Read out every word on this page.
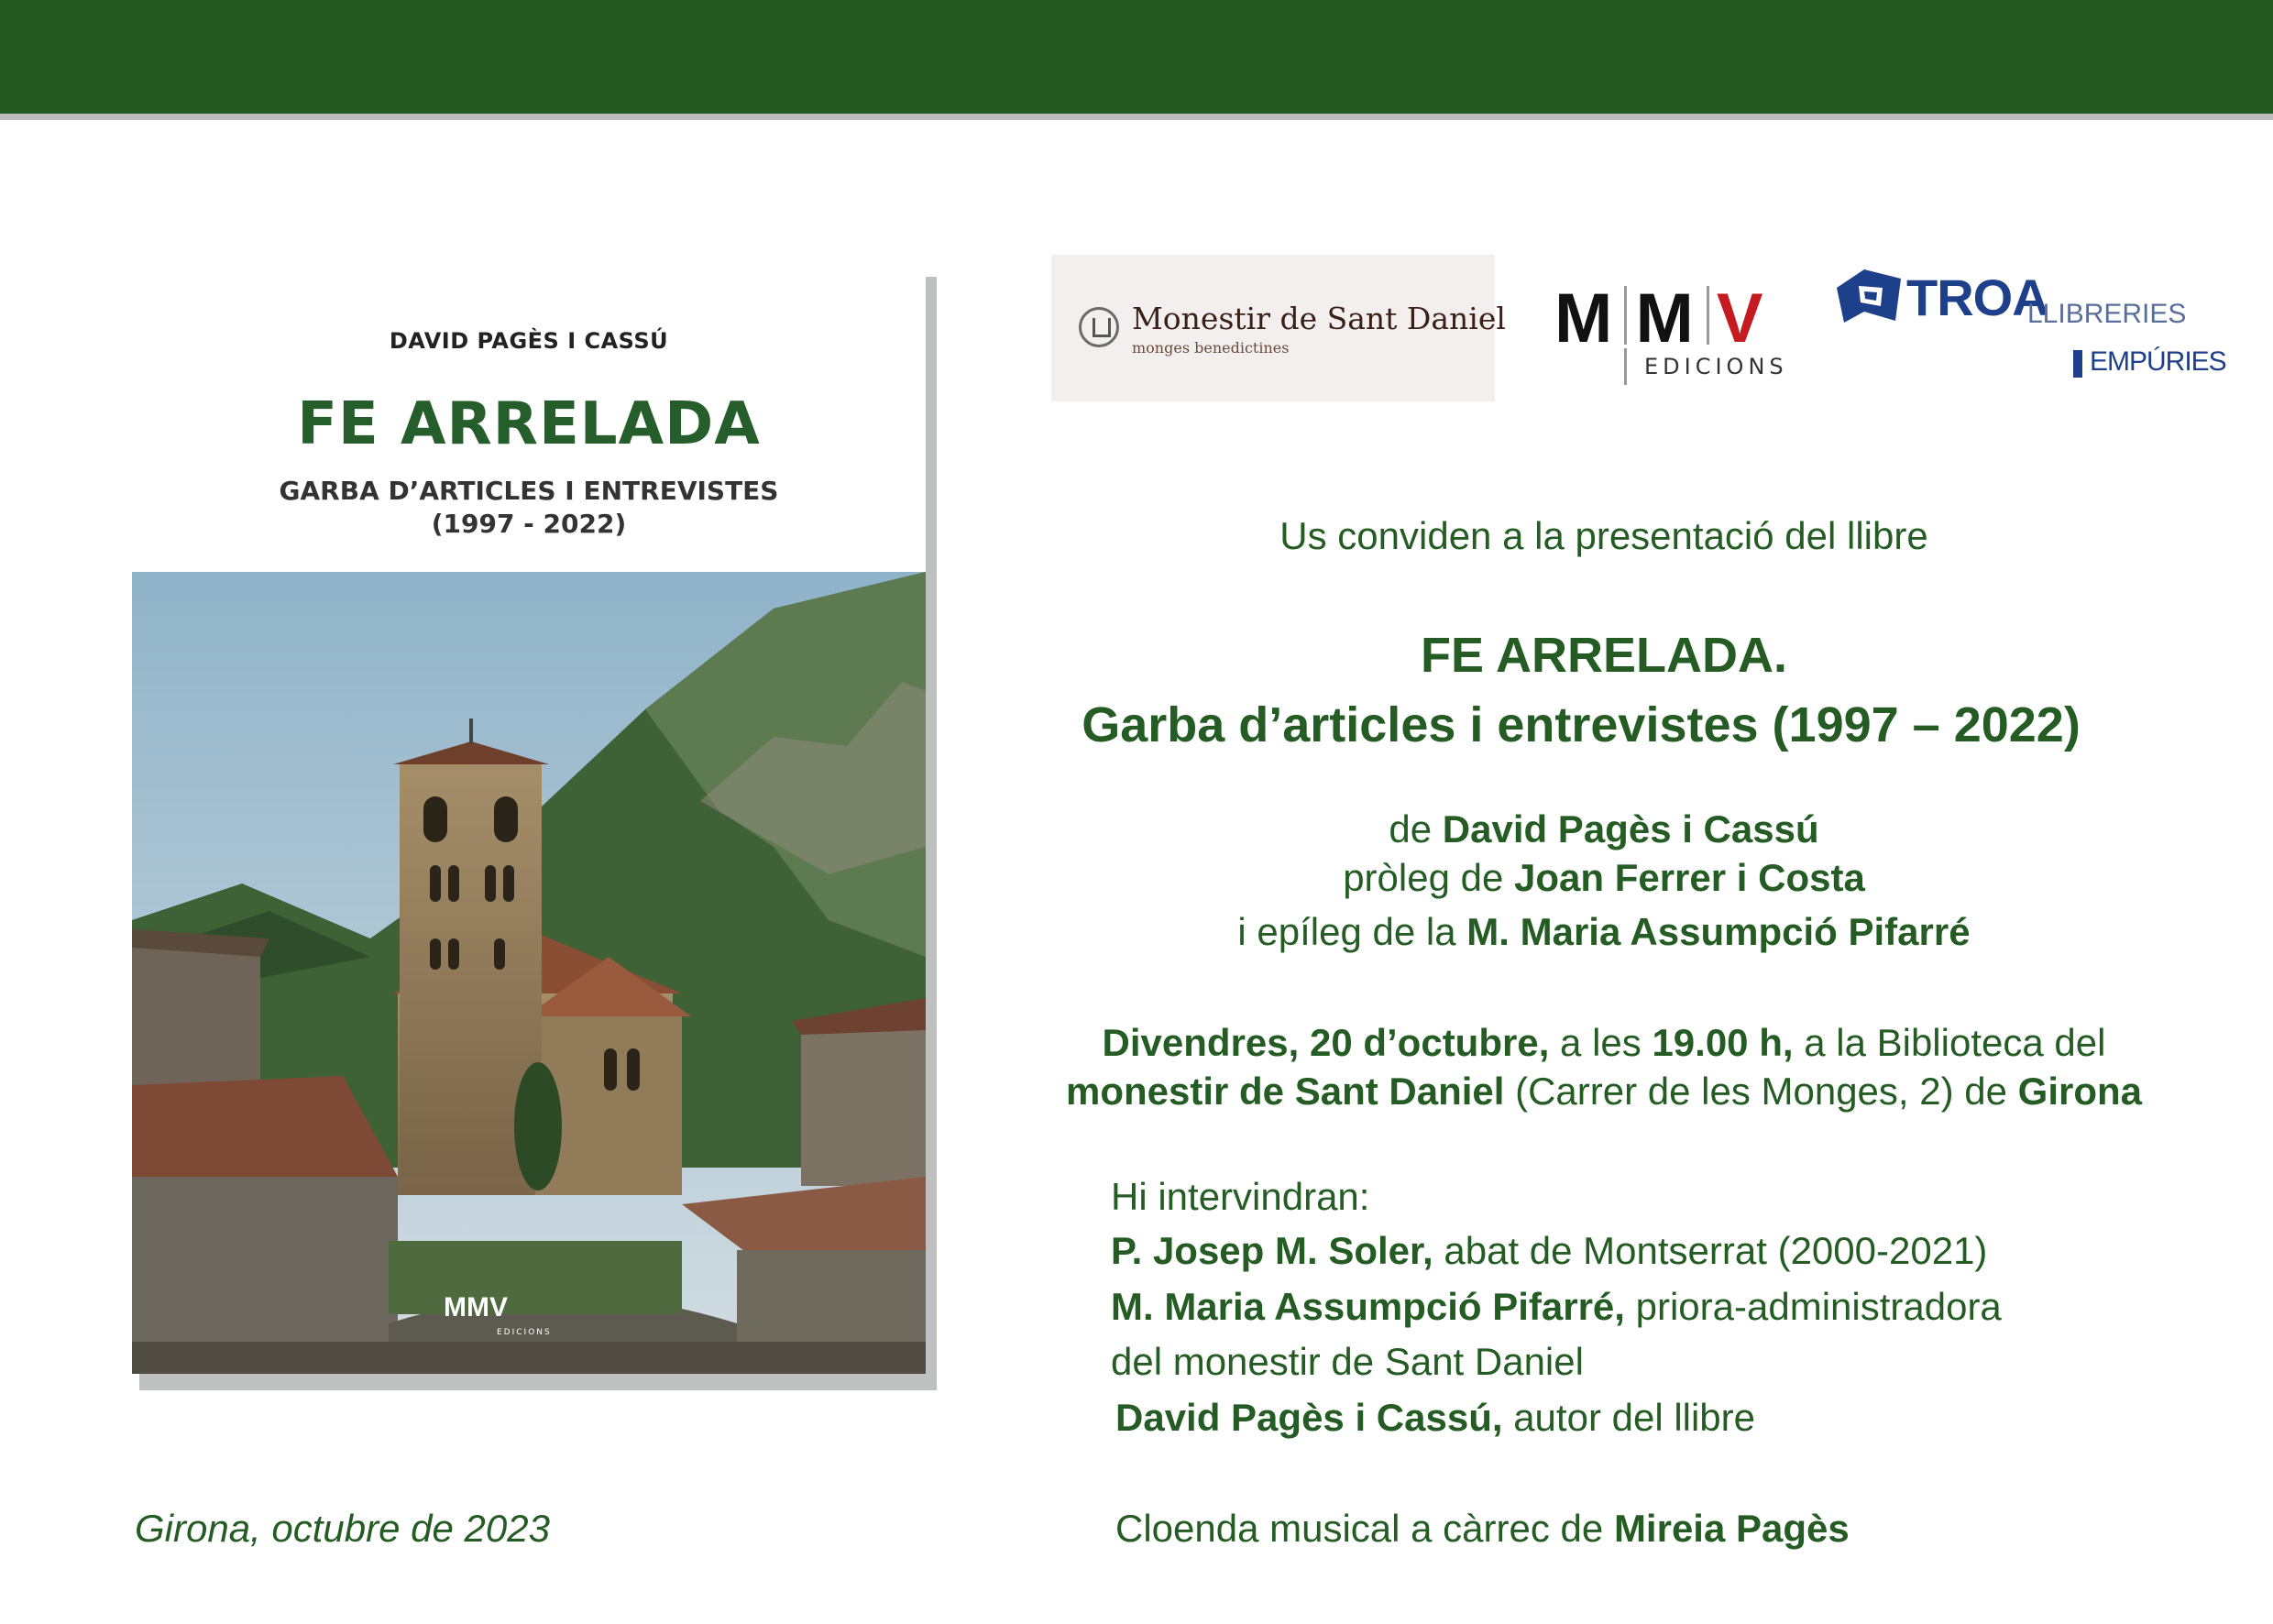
DAVID PAGÈS I CASSÚ
FE ARRELADA
GARBA D’ARTICLES I ENTREVISTES
(1997 - 2022)
MMV
EDICIONS
Monestir de Sant Daniel
monges benedictines	M M V
EDICIONS
TROA
LLIBRERIES
EMPÚRIES
Us conviden a la presentació del llibre
FE ARRELADA.
Garba d’articles i entrevistes (1997 – 2022)
de David Pagès i Cassú
pròleg de Joan Ferrer i Costa
i epíleg de la M. Maria Assumpció Pifarré
Divendres, 20 d’octubre, a les 19.00 h, a la Biblioteca del
monestir de Sant Daniel (Carrer de les Monges, 2) de Girona
Hi intervindran:
P. Josep M. Soler, abat de Montserrat (2000-2021)
M. Maria Assumpció Pifarré, priora-administradora
del monestir de Sant Daniel
David Pagès i Cassú, autor del llibre
Cloenda musical a càrrec de Mireia Pagès
Girona, octubre de 2023
